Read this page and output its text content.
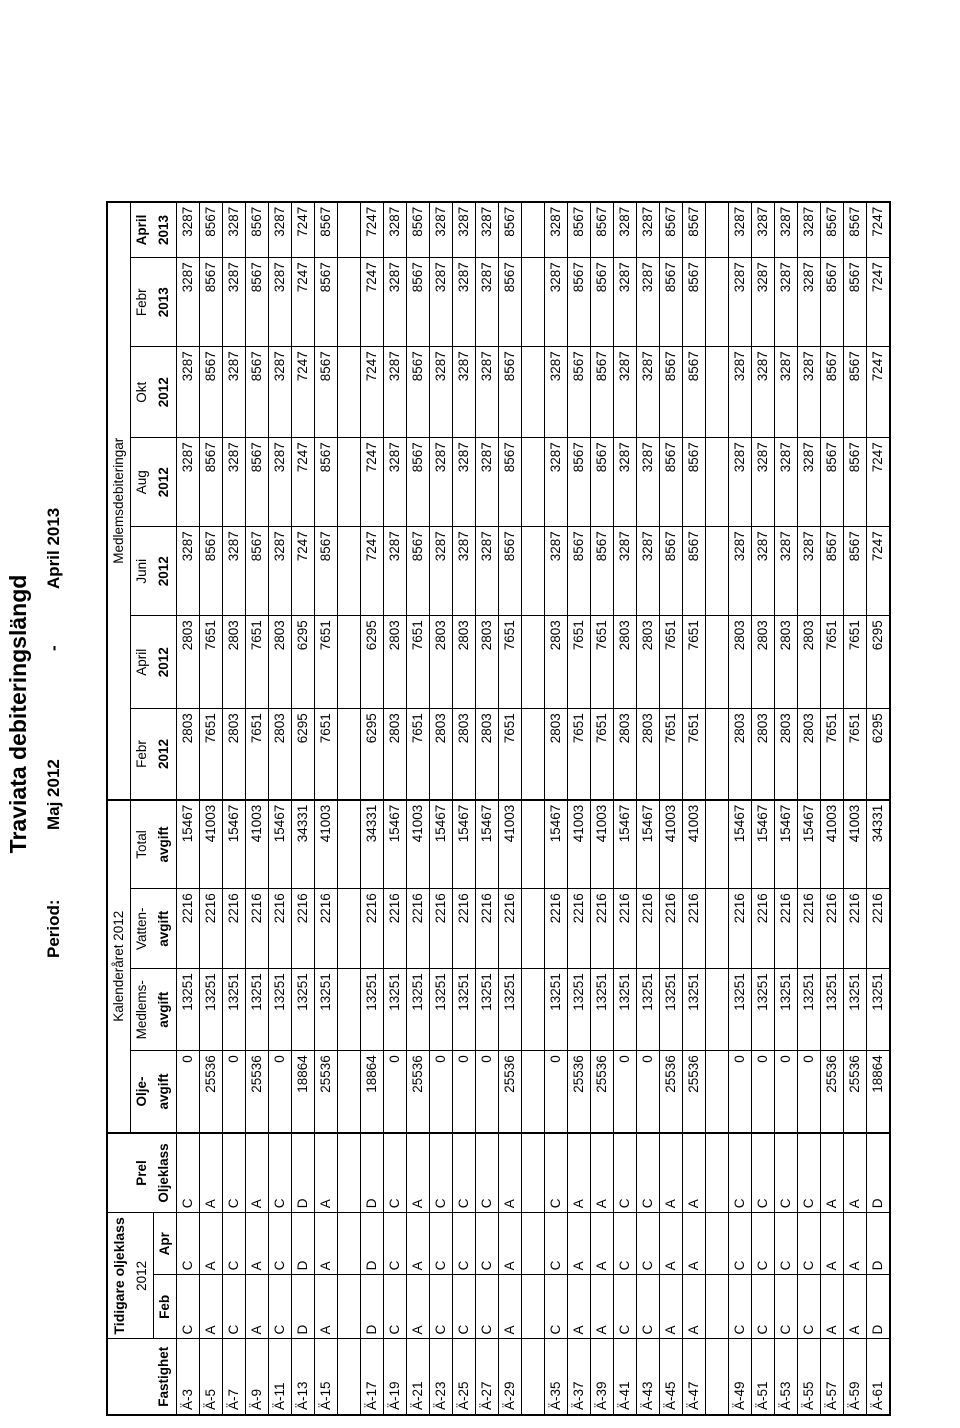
Traviata debiteringslängd
Period:
Maj 2012
-
April 2013
	Tidigare oljeklass			Kalenderåret 2012				Medlemsdebiteringar						
	2012		Prel	Olje-	Medlems-	Vatten-	Total	Febr	April	Juni	Aug	Okt	Febr	April
Fastighet	Feb	Apr	Oljeklass	avgift	avgift	avgift	avgift	2012	2012	2012	2012	2012	2013	2013
Ä-3	C	C	C	0	13251	2216	15467	2803	2803	3287	3287	3287	3287	3287
Ä-5	A	A	A	25536	13251	2216	41003	7651	7651	8567	8567	8567	8567	8567
Ä-7	C	C	C	0	13251	2216	15467	2803	2803	3287	3287	3287	3287	3287
Ä-9	A	A	A	25536	13251	2216	41003	7651	7651	8567	8567	8567	8567	8567
Ä-11	C	C	C	0	13251	2216	15467	2803	2803	3287	3287	3287	3287	3287
Ä-13	D	D	D	18864	13251	2216	34331	6295	6295	7247	7247	7247	7247	7247
Ä-15	A	A	A	25536	13251	2216	41003	7651	7651	8567	8567	8567	8567	8567

Ä-17	D	D	D	18864	13251	2216	34331	6295	6295	7247	7247	7247	7247	7247
Ä-19	C	C	C	0	13251	2216	15467	2803	2803	3287	3287	3287	3287	3287
Ä-21	A	A	A	25536	13251	2216	41003	7651	7651	8567	8567	8567	8567	8567
Ä-23	C	C	C	0	13251	2216	15467	2803	2803	3287	3287	3287	3287	3287
Ä-25	C	C	C	0	13251	2216	15467	2803	2803	3287	3287	3287	3287	3287
Ä-27	C	C	C	0	13251	2216	15467	2803	2803	3287	3287	3287	3287	3287
Ä-29	A	A	A	25536	13251	2216	41003	7651	7651	8567	8567	8567	8567	8567

Ä-35	C	C	C	0	13251	2216	15467	2803	2803	3287	3287	3287	3287	3287
Ä-37	A	A	A	25536	13251	2216	41003	7651	7651	8567	8567	8567	8567	8567
Ä-39	A	A	A	25536	13251	2216	41003	7651	7651	8567	8567	8567	8567	8567
Ä-41	C	C	C	0	13251	2216	15467	2803	2803	3287	3287	3287	3287	3287
Ä-43	C	C	C	0	13251	2216	15467	2803	2803	3287	3287	3287	3287	3287
Ä-45	A	A	A	25536	13251	2216	41003	7651	7651	8567	8567	8567	8567	8567
Ä-47	A	A	A	25536	13251	2216	41003	7651	7651	8567	8567	8567	8567	8567

Ä-49	C	C	C	0	13251	2216	15467	2803	2803	3287	3287	3287	3287	3287
Ä-51	C	C	C	0	13251	2216	15467	2803	2803	3287	3287	3287	3287	3287
Ä-53	C	C	C	0	13251	2216	15467	2803	2803	3287	3287	3287	3287	3287
Ä-55	C	C	C	0	13251	2216	15467	2803	2803	3287	3287	3287	3287	3287
Ä-57	A	A	A	25536	13251	2216	41003	7651	7651	8567	8567	8567	8567	8567
Ä-59	A	A	A	25536	13251	2216	41003	7651	7651	8567	8567	8567	8567	8567
Ä-61	D	D	D	18864	13251	2216	34331	6295	6295	7247	7247	7247	7247	7247
